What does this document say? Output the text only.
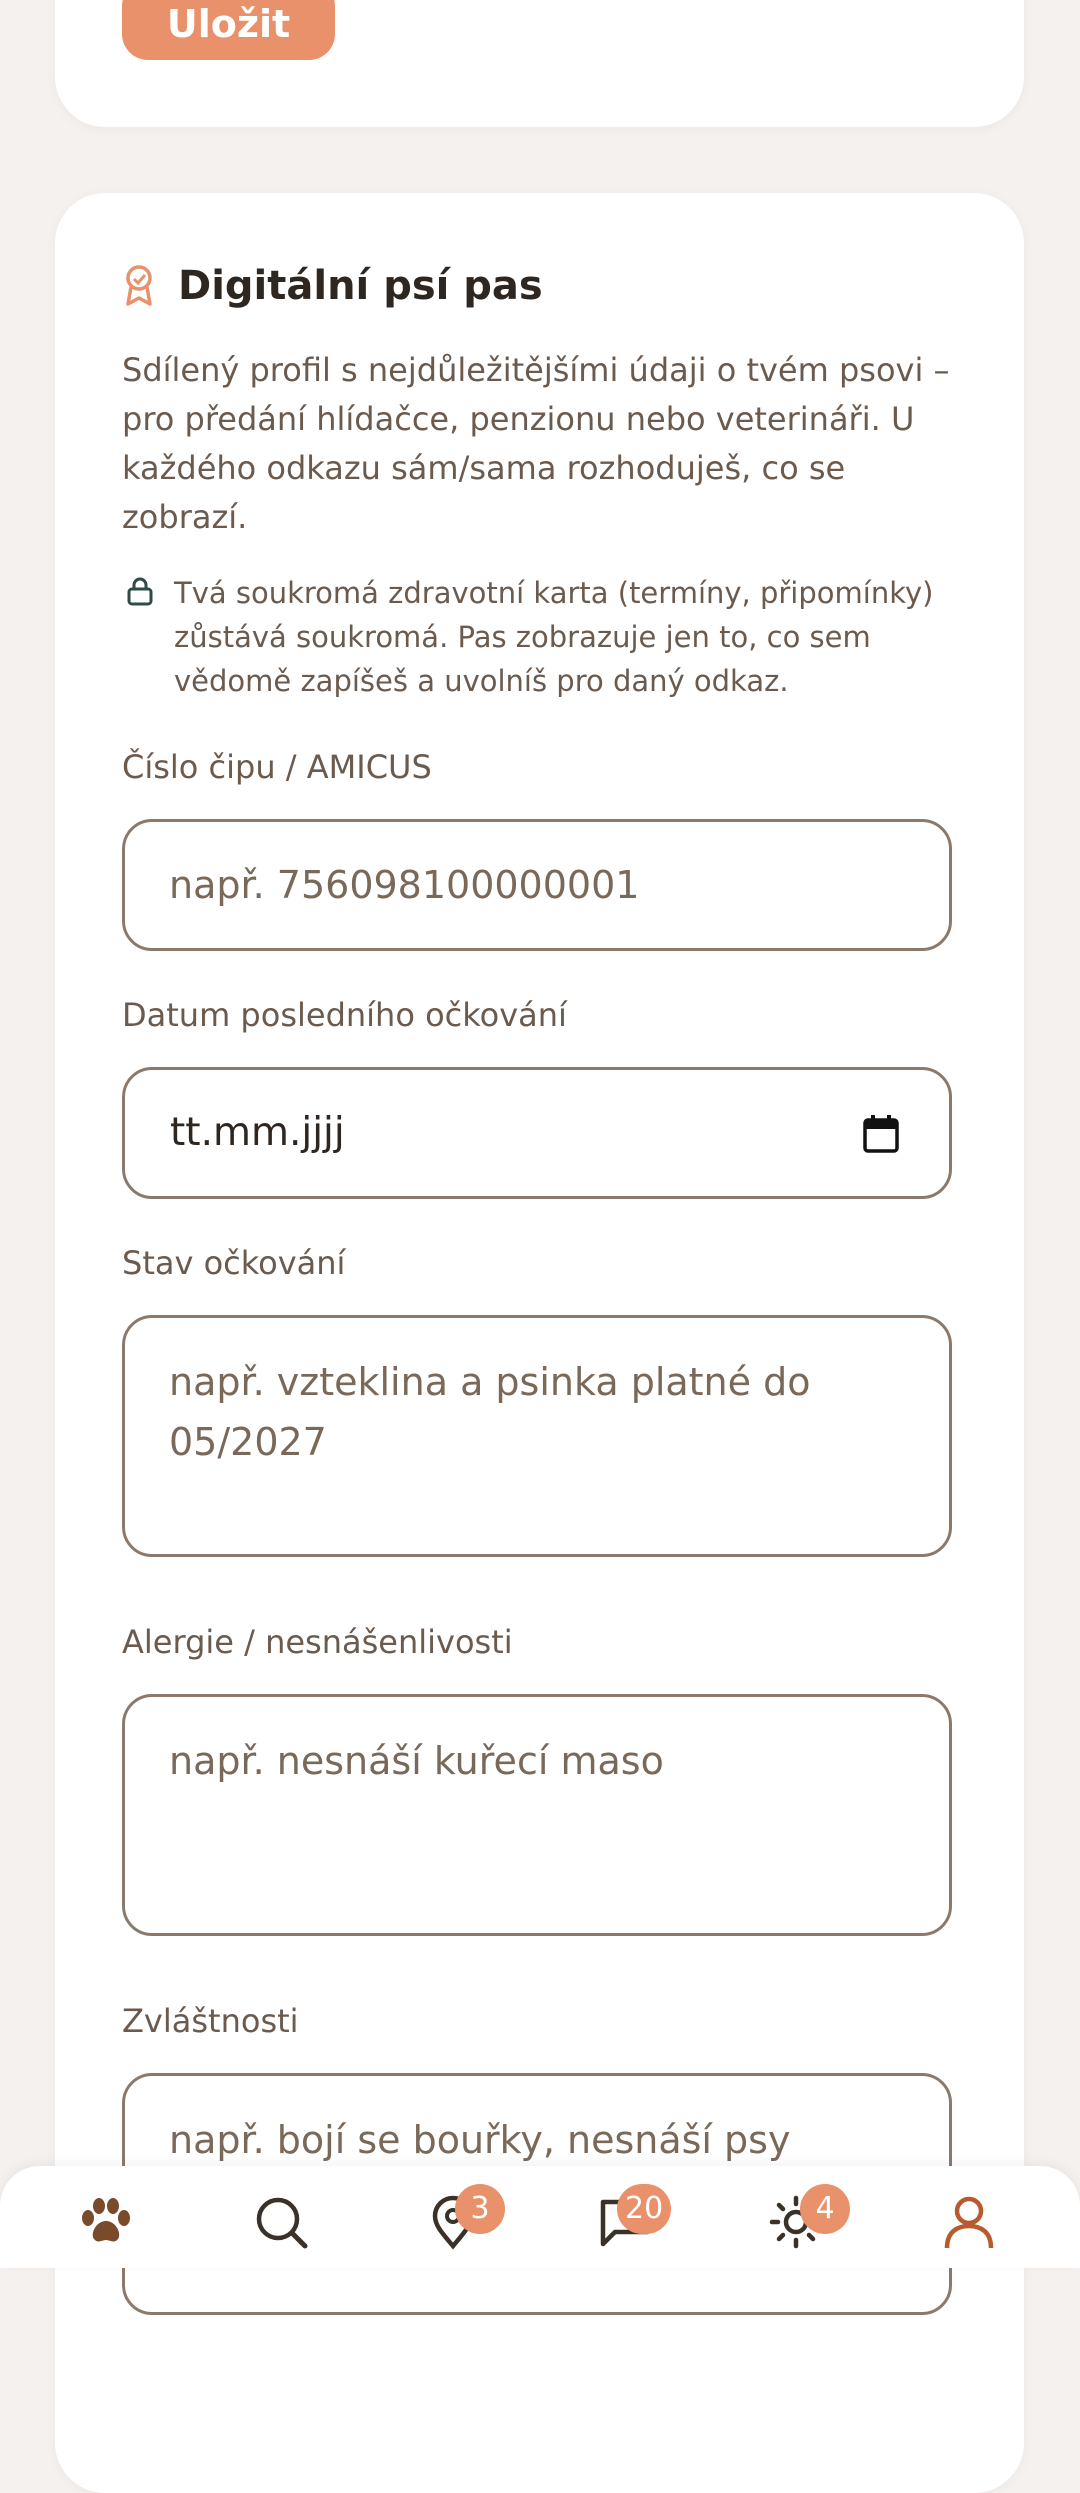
Uložit
Digitální psí pas
Sdílený profil s nejdůležitějšími údaji o tvém psovi – pro předání hlídačce, penzionu nebo veterináři. U každého odkazu sám/sama rozhoduješ, co se zobrazí.
Tvá soukromá zdravotní karta (termíny, připomínky) zůstává soukromá. Pas zobrazuje jen to, co sem vědomě zapíšeš a uvolníš pro daný odkaz.
Číslo čipu / AMICUS
např. 756098100000001
Datum posledního očkování
tt.mm.jjjj
Stav očkování
např. vzteklina a psinka platné do 05/2027
Alergie / nesnášenlivosti
např. nesnáší kuřecí maso
Zvláštnosti
např. bojí se bouřky, nesnáší psy
3	20	4
